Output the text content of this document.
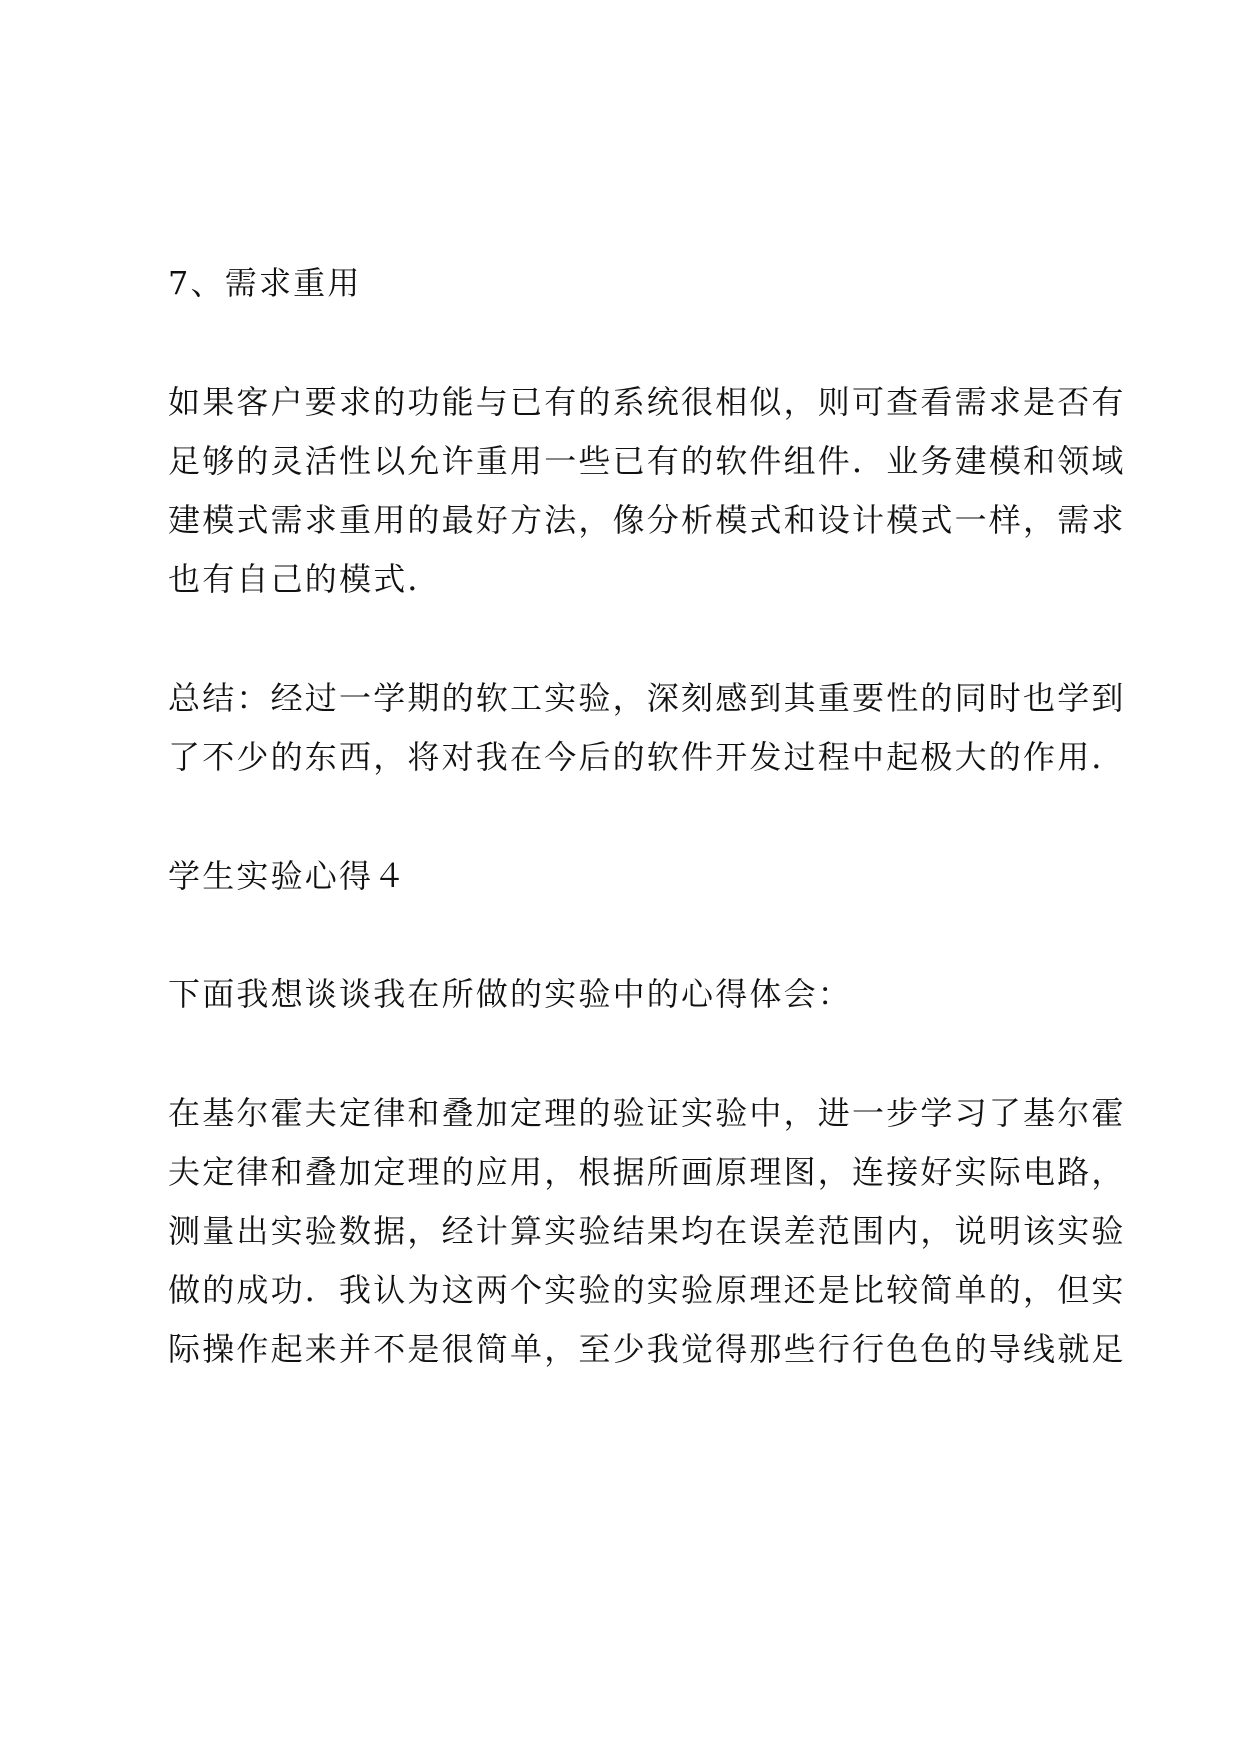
7、需求重用
如果客户要求的功能与已有的系统很相似，则可查看需求是否有
足够的灵活性以允许重用一些已有的软件组件．业务建模和领域
建模式需求重用的最好方法，像分析模式和设计模式一样，需求
也有自己的模式．
总结：经过一学期的软工实验，深刻感到其重要性的同时也学到
了不少的东西，将对我在今后的软件开发过程中起极大的作用．
学生实验心得４
下面我想谈谈我在所做的实验中的心得体会：
在基尔霍夫定律和叠加定理的验证实验中，进一步学习了基尔霍
夫定律和叠加定理的应用，根据所画原理图，连接好实际电路，
测量出实验数据，经计算实验结果均在误差范围内，说明该实验
做的成功．我认为这两个实验的实验原理还是比较简单的，但实
际操作起来并不是很简单，至少我觉得那些行行色色的导线就足
